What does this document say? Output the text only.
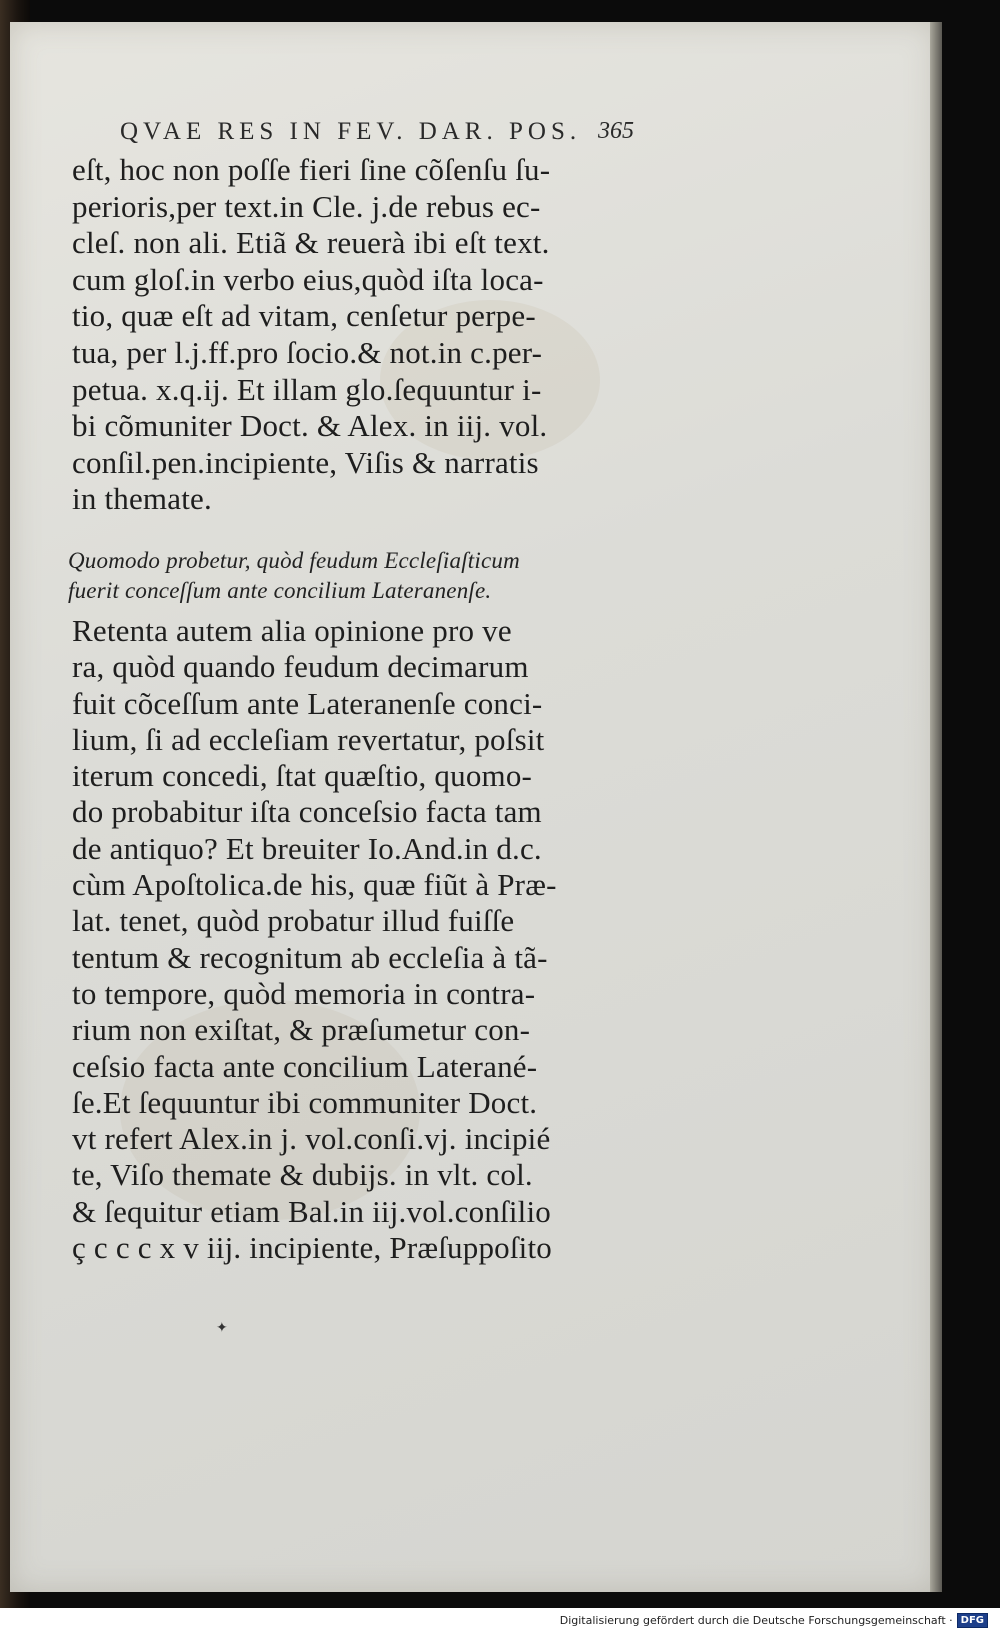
QVAE RES IN FEV. DAR. POS. 365
eſt, hoc non poſſe fieri ſine cõſenſu ſu-
perioris,per text.in Cle. j.de rebus ec-
cleſ. non ali. Etiã & reuerà ibi eſt text.
cum gloſ.in verbo eius,quòd iſta loca-
tio, quæ eſt ad vitam, cenſetur perpe-
tua, per l.j.ff.pro ſocio.& not.in c.per-
petua. x.q.ij. Et illam glo.ſequuntur i-
bi cõmuniter Doct. & Alex. in iij. vol.
conſil.pen.incipiente, Viſis & narratis
in themate.
Quomodo probetur, quòd feudum Eccleſiaſticum
fuerit conceſſum ante concilium Lateranenſe.
Retenta autem alia opinione pro ve
ra, quòd quando feudum decimarum
fuit cõceſſum ante Lateranenſe conci-
lium, ſi ad eccleſiam revertatur, poſsit
iterum concedi, ſtat quæſtio, quomo-
do probabitur iſta conceſsio facta tam
de antiquo? Et breuiter Io.And.in d.c.
cùm Apoſtolica.de his, quæ fiũt à Præ-
lat. tenet, quòd probatur illud fuiſſe
tentum & recognitum ab eccleſia à tã-
to tempore, quòd memoria in contra-
rium non exiſtat, & præſumetur con-
ceſsio facta ante concilium Laterané-
ſe.Et ſequuntur ibi communiter Doct.
vt refert Alex.in j. vol.conſi.vj. incipié
te, Viſo themate & dubijs. in vlt. col.
& ſequitur etiam Bal.in iij.vol.conſilio
ç c c c x v iij. incipiente, Præſuppoſito
✦
Digitalisierung gefördert durch die Deutsche Forschungsgemeinschaft · DFG
